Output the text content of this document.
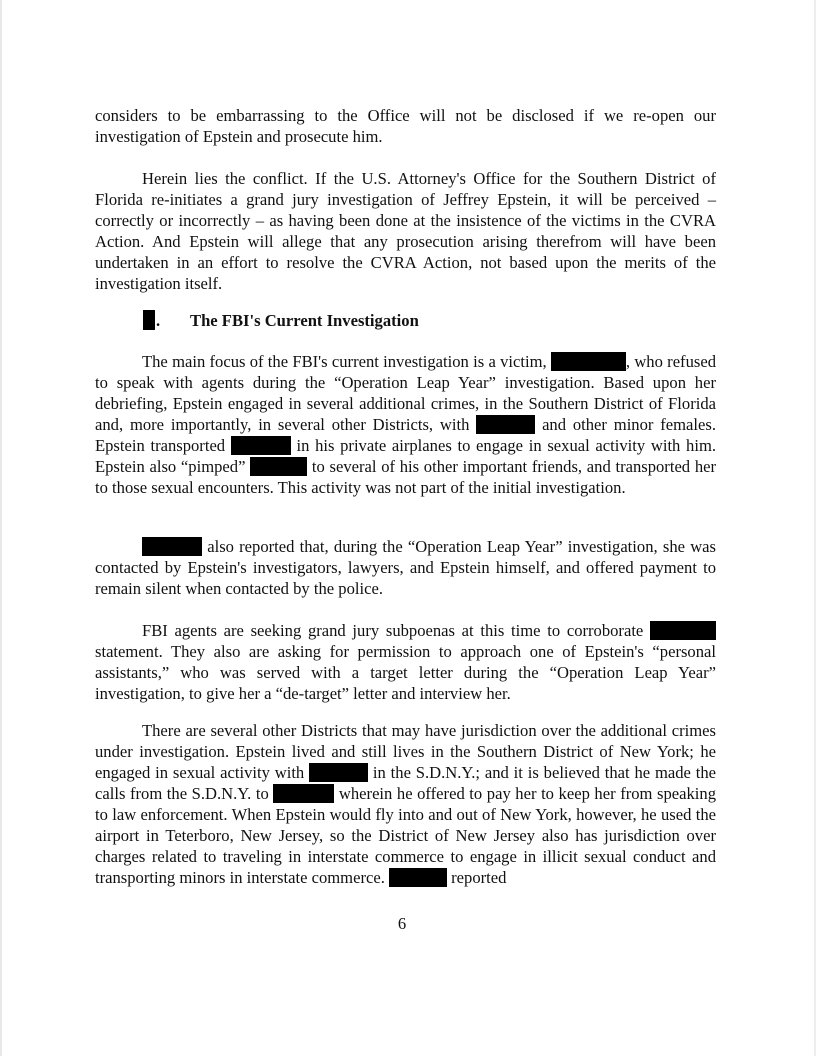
considers to be embarrassing to the Office will not be disclosed if we re-open our investigation of Epstein and prosecute him.

Herein lies the conflict. If the U.S. Attorney's Office for the Southern District of Florida re-initiates a grand jury investigation of Jeffrey Epstein, it will be perceived – correctly or incorrectly – as having been done at the insistence of the victims in the CVRA Action. And Epstein will allege that any prosecution arising therefrom will have been undertaken in an effort to resolve the CVRA Action, not based upon the merits of the investigation itself.

. The FBI's Current Investigation

The main focus of the FBI's current investigation is a victim,	, who refused to speak with agents during the “Operation Leap Year” investigation. Based upon her debriefing, Epstein engaged in several additional crimes, in the Southern District of Florida and, more importantly, in several other Districts, with	and other minor females. Epstein transported	in his private airplanes to engage in sexual activity with him. Epstein also “pimped”	to several of his other important friends, and transported her to those sexual encounters. This activity was not part of the initial investigation.

also reported that, during the “Operation Leap Year” investigation, she was contacted by Epstein's investigators, lawyers, and Epstein himself, and offered payment to remain silent when contacted by the police.

FBI agents are seeking grand jury subpoenas at this time to corroborate  statement. They also are asking for permission to approach one of Epstein's “personal assistants,” who was served with a target letter during the “Operation Leap Year” investigation, to give her a “de-target” letter and interview her.

There are several other Districts that may have jurisdiction over the additional crimes under investigation. Epstein lived and still lives in the Southern District of New York; he engaged in sexual activity with	in the S.D.N.Y.; and it is believed that he made the calls from the S.D.N.Y. to	wherein he offered to pay her to keep her from speaking to law enforcement. When Epstein would fly into and out of New York, however, he used the airport in Teterboro, New Jersey, so the District of New Jersey also has jurisdiction over charges related to traveling in interstate commerce to engage in illicit sexual conduct and transporting minors in interstate commerce.	reported

6
